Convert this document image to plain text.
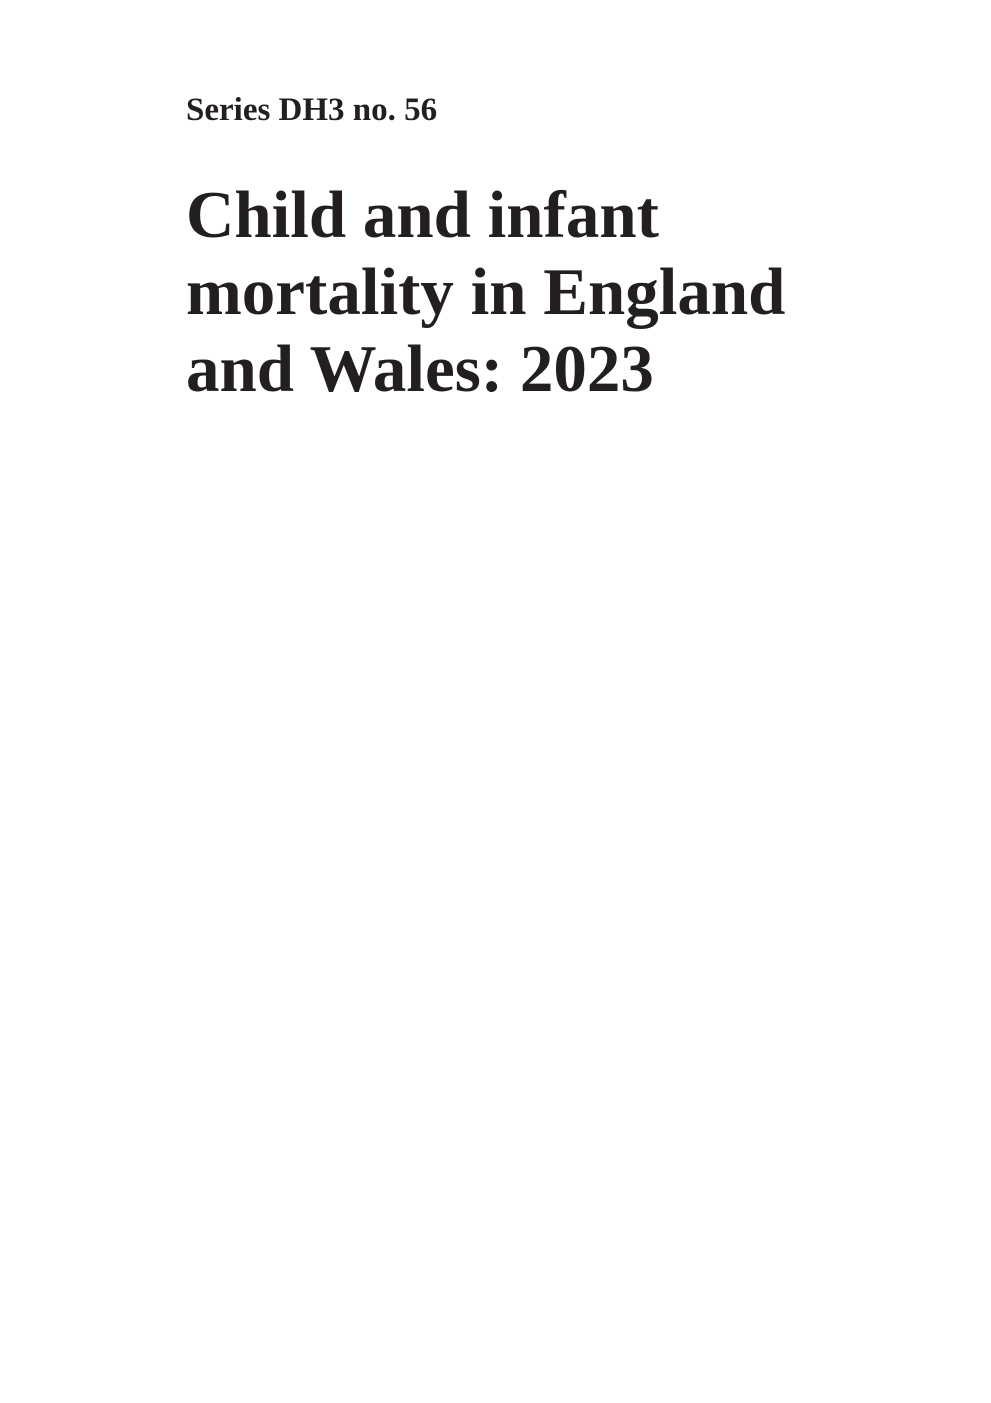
Series DH3 no. 56
Child and infant
mortality in England
and Wales: 2023
